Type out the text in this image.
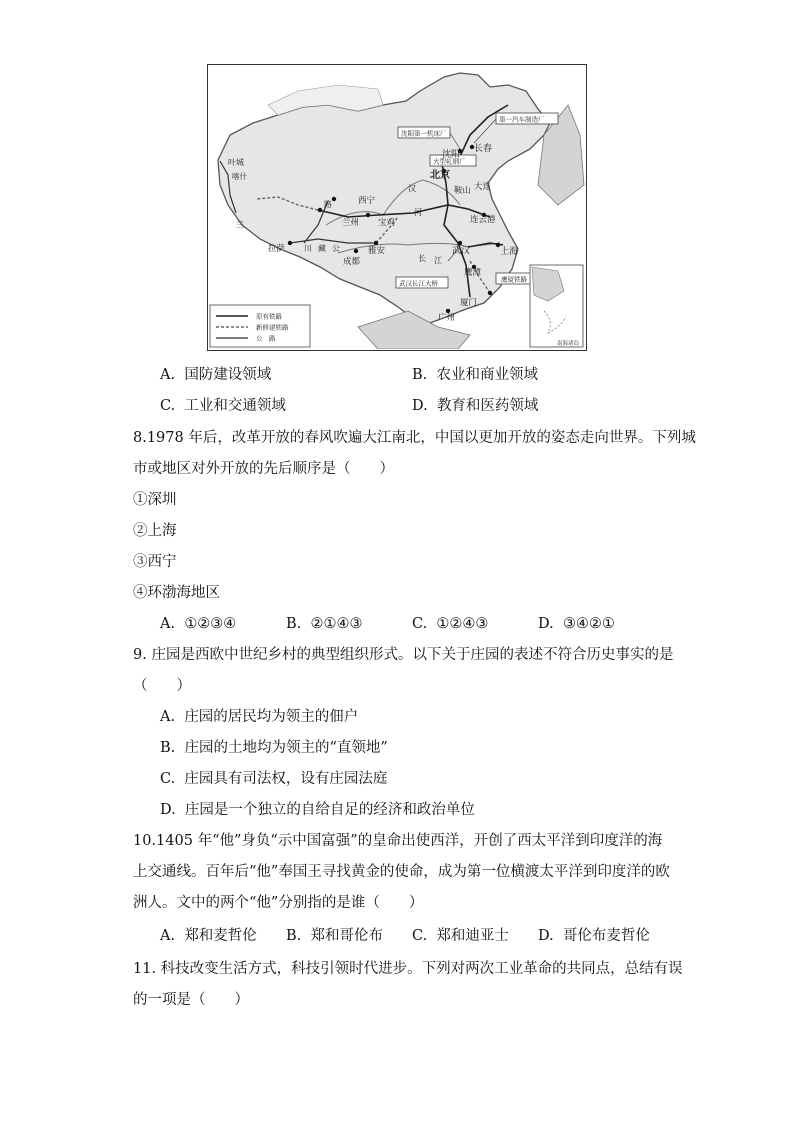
第一汽车制造厂
沈阳第一机床厂
大型轧钢厂
武汉长江大桥	鹰厦铁路
叶城
沈阳
长春
北京
西宁
兰州 宝鸡	连云港
拉萨	雅安
成都
武汉	上海
鹰潭
厦门
广州
大连
鞍山
喀什
兰
川 藏 公
路
汉
河
长 江
原有铁路
新修建铁路
公　路
南海诸岛
A. 国防建设领域	B. 农业和商业领域
C. 工业和交通领域	D. 教育和医药领域
8.1978 年后，改革开放的春风吹遍大江南北，中国以更加开放的姿态走向世界。下列城
市或地区对外开放的先后顺序是（　　）
①深圳
②上海
③西宁
④环渤海地区
A. ①②③④	B. ②①④③	C. ①②④③	D. ③④②①
9. 庄园是西欧中世纪乡村的典型组织形式。以下关于庄园的表述不符合历史事实的是
（　　）
A. 庄园的居民均为领主的佃户
B. 庄园的土地均为领主的“直领地”
C. 庄园具有司法权，设有庄园法庭
D. 庄园是一个独立的自给自足的经济和政治单位
10.1405 年“他”身负“示中国富强”的皇命出使西洋，开创了西太平洋到印度洋的海
上交通线。百年后“他”奉国王寻找黄金的使命，成为第一位横渡太平洋到印度洋的欧
洲人。文中的两个“他”分别指的是谁（　　）
A. 郑和麦哲伦 B. 郑和哥伦布 C. 郑和迪亚士 D. 哥伦布麦哲伦
11. 科技改变生活方式，科技引领时代进步。下列对两次工业革命的共同点，总结有误
的一项是（　　）
